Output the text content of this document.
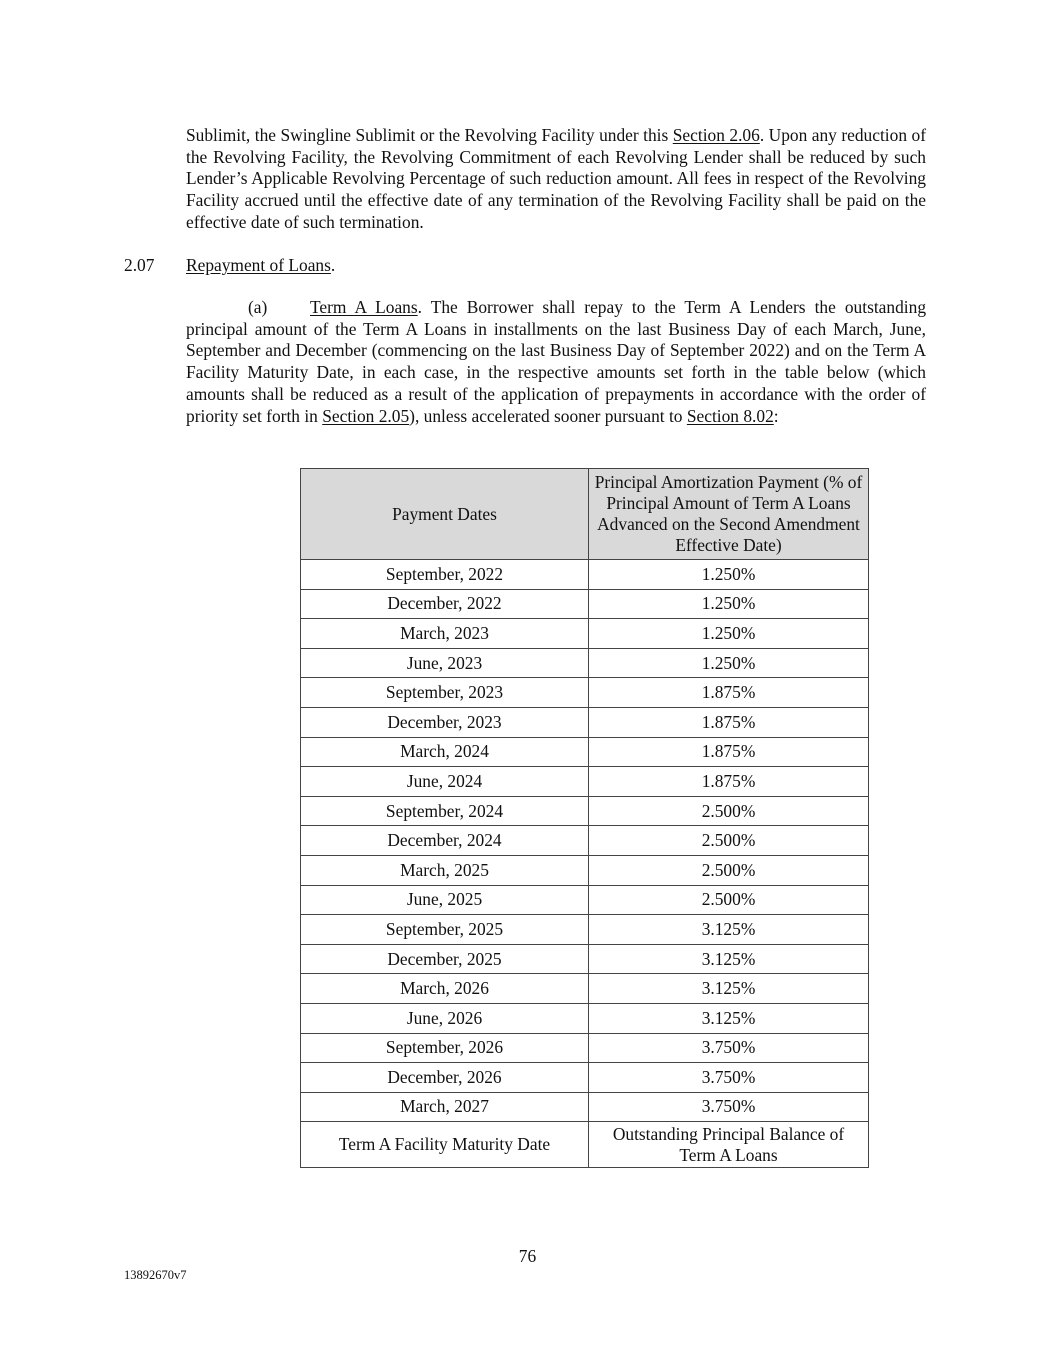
Sublimit, the Swingline Sublimit or the Revolving Facility under this Section 2.06. Upon any reduction of the Revolving Facility, the Revolving Commitment of each Revolving Lender shall be reduced by such Lender’s Applicable Revolving Percentage of such reduction amount. All fees in respect of the Revolving Facility accrued until the effective date of any termination of the Revolving Facility shall be paid on the effective date of such termination.

2.07 Repayment of Loans.

(a) Term A Loans. The Borrower shall repay to the Term A Lenders the outstanding principal amount of the Term A Loans in installments on the last Business Day of each March, June, September and December (commencing on the last Business Day of September 2022) and on the Term A Facility Maturity Date, in each case, in the respective amounts set forth in the table below (which amounts shall be reduced as a result of the application of prepayments in accordance with the order of priority set forth in Section 2.05), unless accelerated sooner pursuant to Section 8.02:

Payment Dates	Principal Amortization Payment (% of Principal Amount of Term A Loans Advanced on the Second Amendment Effective Date)
September, 2022	1.250%
December, 2022	1.250%
March, 2023	1.250%
June, 2023	1.250%
September, 2023	1.875%
December, 2023	1.875%
March, 2024	1.875%
June, 2024	1.875%
September, 2024	2.500%
December, 2024	2.500%
March, 2025	2.500%
June, 2025	2.500%
September, 2025	3.125%
December, 2025	3.125%
March, 2026	3.125%
June, 2026	3.125%
September, 2026	3.750%
December, 2026	3.750%
March, 2027	3.750%
Term A Facility Maturity Date	Outstanding Principal Balance of Term A Loans
76
13892670v7
